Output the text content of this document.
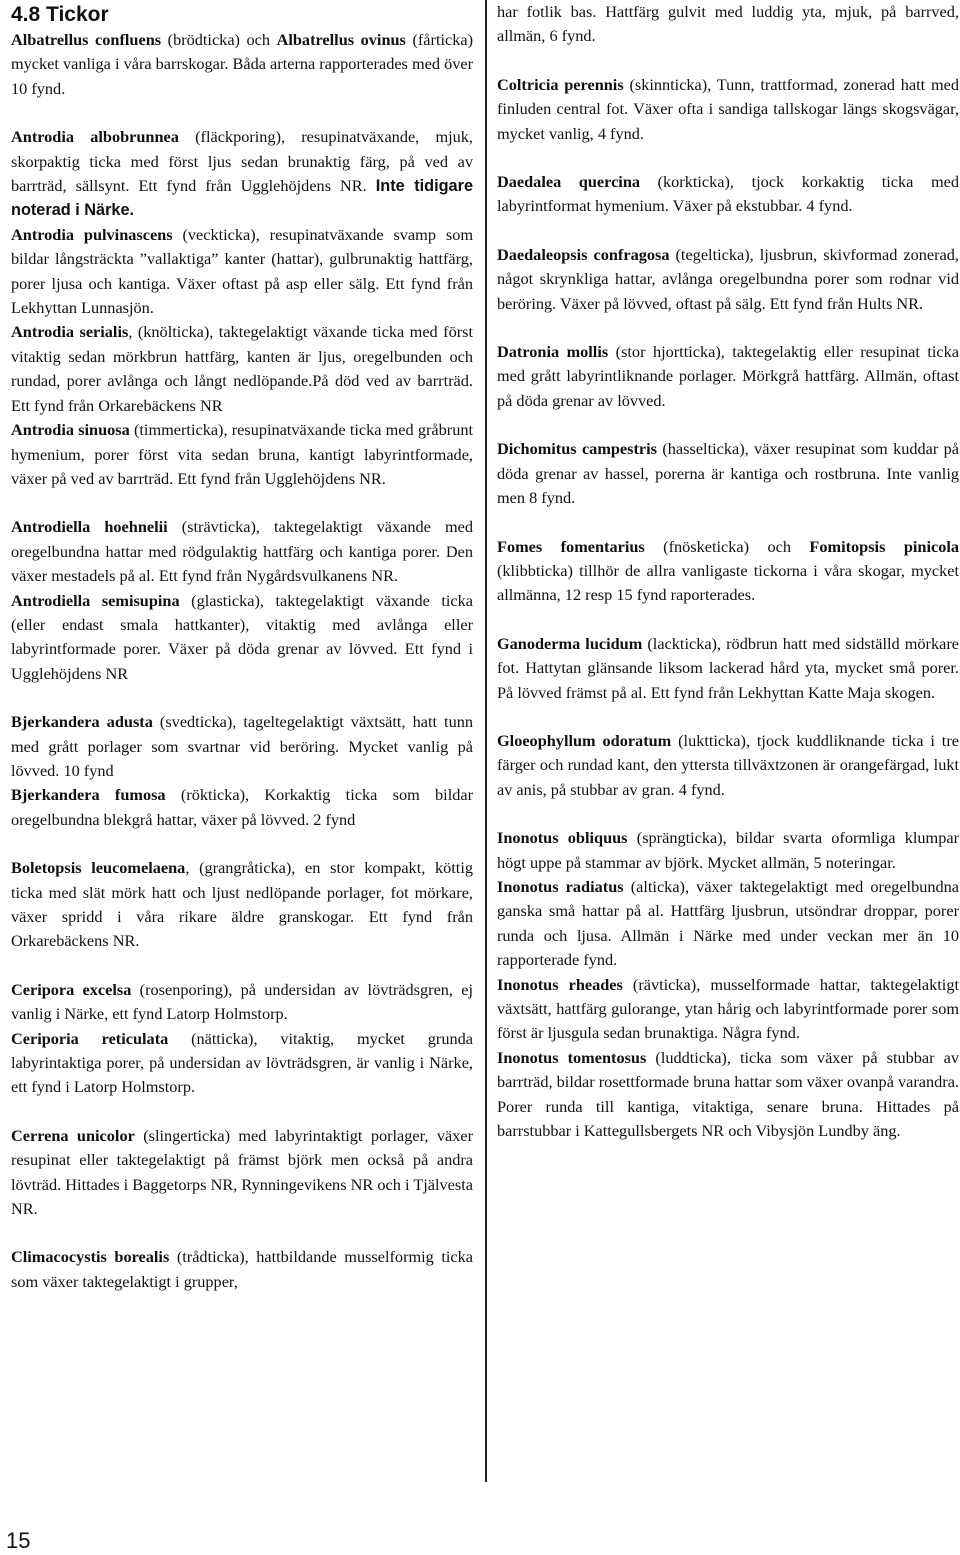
4.8 Tickor

Albatrellus confluens (brödticka) och Albatrellus ovinus (fårticka) mycket vanliga i våra barrskogar. Båda arterna rapporterades med över 10 fynd.

Antrodia albobrunnea (fläckporing), resupinatväxande, mjuk, skorpaktig ticka med först ljus sedan brunaktig färg, på ved av barrträd, sällsynt. Ett fynd från Ugglehöjdens NR. Inte tidigare noterad i Närke.

Antrodia pulvinascens (veckticka), resupinatväxande svamp som bildar långsträckta ”vallaktiga” kanter (hattar), gulbrunaktig hattfärg, porer ljusa och kantiga. Växer oftast på asp eller sälg. Ett fynd från Lekhyttan Lunnasjön.

Antrodia serialis, (knölticka), taktegelaktigt växande ticka med först vitaktig sedan mörkbrun hattfärg, kanten är ljus, oregelbunden och rundad, porer avlånga och långt nedlöpande.På död ved av barrträd. Ett fynd från Orkarebäckens NR

Antrodia sinuosa (timmerticka), resupinatväxande ticka med gråbrunt hymenium, porer först vita sedan bruna, kantigt labyrintformade, växer på ved av barrträd. Ett fynd från Ugglehöjdens NR.

Antrodiella hoehnelii (strävticka), taktegelaktigt växande med oregelbundna hattar med rödgulaktig hattfärg och kantiga porer. Den växer mestadels på al. Ett fynd från Nygårdsvulkanens NR.

Antrodiella semisupina (glasticka), taktegelaktigt växande ticka (eller endast smala hattkanter), vitaktig med avlånga eller labyrintformade porer. Växer på döda grenar av lövved. Ett fynd i Ugglehöjdens NR

Bjerkandera adusta (svedticka), tageltegelaktigt växtsätt, hatt tunn med grått porlager som svartnar vid beröring. Mycket vanlig på lövved. 10 fynd

Bjerkandera fumosa (rökticka), Korkaktig ticka som bildar oregelbundna blekgrå hattar, växer på lövved. 2 fynd

Boletopsis leucomelaena, (grangråticka), en stor kompakt, köttig ticka med slät mörk hatt och ljust nedlöpande porlager, fot mörkare, växer spridd i våra rikare äldre granskogar. Ett fynd från Orkarebäckens NR.

Ceripora excelsa (rosenporing), på undersidan av lövträdsgren, ej vanlig i Närke, ett fynd Latorp Holmstorp.

Ceriporia reticulata (nätticka), vitaktig, mycket grunda labyrintaktiga porer, på undersidan av lövträdsgren, är vanlig i Närke, ett fynd i Latorp Holmstorp.

Cerrena unicolor (slingerticka) med labyrintaktigt porlager, växer resupinat eller taktegelaktigt på främst björk men också på andra lövträd. Hittades i Baggetorps NR, Rynningevikens NR och i Tjälvesta NR.

Climacocystis borealis (trådticka), hattbildande musselformig ticka som växer taktegelaktigt i grupper,

har fotlik bas. Hattfärg gulvit med luddig yta, mjuk, på barrved, allmän, 6 fynd.

Coltricia perennis (skinnticka), Tunn, trattformad, zonerad hatt med finluden central fot. Växer ofta i sandiga tallskogar längs skogsvägar, mycket vanlig, 4 fynd.

Daedalea quercina (korkticka), tjock korkaktig ticka med labyrintformat hymenium. Växer på ekstubbar. 4 fynd.

Daedaleopsis confragosa (tegelticka), ljusbrun, skivformad zonerad, något skrynkliga hattar, avlånga oregelbundna porer som rodnar vid beröring. Växer på lövved, oftast på sälg. Ett fynd från Hults NR.

Datronia mollis (stor hjortticka), taktegelaktig eller resupinat ticka med grått labyrintliknande porlager. Mörkgrå hattfärg. Allmän, oftast på döda grenar av lövved.

Dichomitus campestris (hasselticka), växer resupinat som kuddar på döda grenar av hassel, porerna är kantiga och rostbruna. Inte vanlig men 8 fynd.

Fomes fomentarius (fnösketicka) och Fomitopsis pinicola (klibbticka) tillhör de allra vanligaste tickorna i våra skogar, mycket allmänna, 12 resp 15 fynd raporterades.

Ganoderma lucidum (lackticka), rödbrun hatt med sidställd mörkare fot. Hattytan glänsande liksom lackerad hård yta, mycket små porer. På lövved främst på al. Ett fynd från Lekhyttan Katte Maja skogen.

Gloeophyllum odoratum (luktticka), tjock kuddliknande ticka i tre färger och rundad kant, den yttersta tillväxtzonen är orangefärgad, lukt av anis, på stubbar av gran. 4 fynd.

Inonotus obliquus (sprängticka), bildar svarta oformliga klumpar högt uppe på stammar av björk. Mycket allmän, 5 noteringar.

Inonotus radiatus (alticka), växer taktegelaktigt med oregelbundna ganska små hattar på al. Hattfärg ljusbrun, utsöndrar droppar, porer runda och ljusa. Allmän i Närke med under veckan mer än 10 rapporterade fynd.

Inonotus rheades (rävticka), musselformade hattar, taktegelaktigt växtsätt, hattfärg gulorange, ytan hårig och labyrintformade porer som först är ljusgula sedan brunaktiga. Några fynd.

Inonotus tomentosus (luddticka), ticka som växer på stubbar av barrträd, bildar rosettformade bruna hattar som växer ovanpå varandra. Porer runda till kantiga, vitaktiga, senare bruna. Hittades på barrstubbar i Kattegullsbergets NR och Vibysjön Lundby äng.

15
